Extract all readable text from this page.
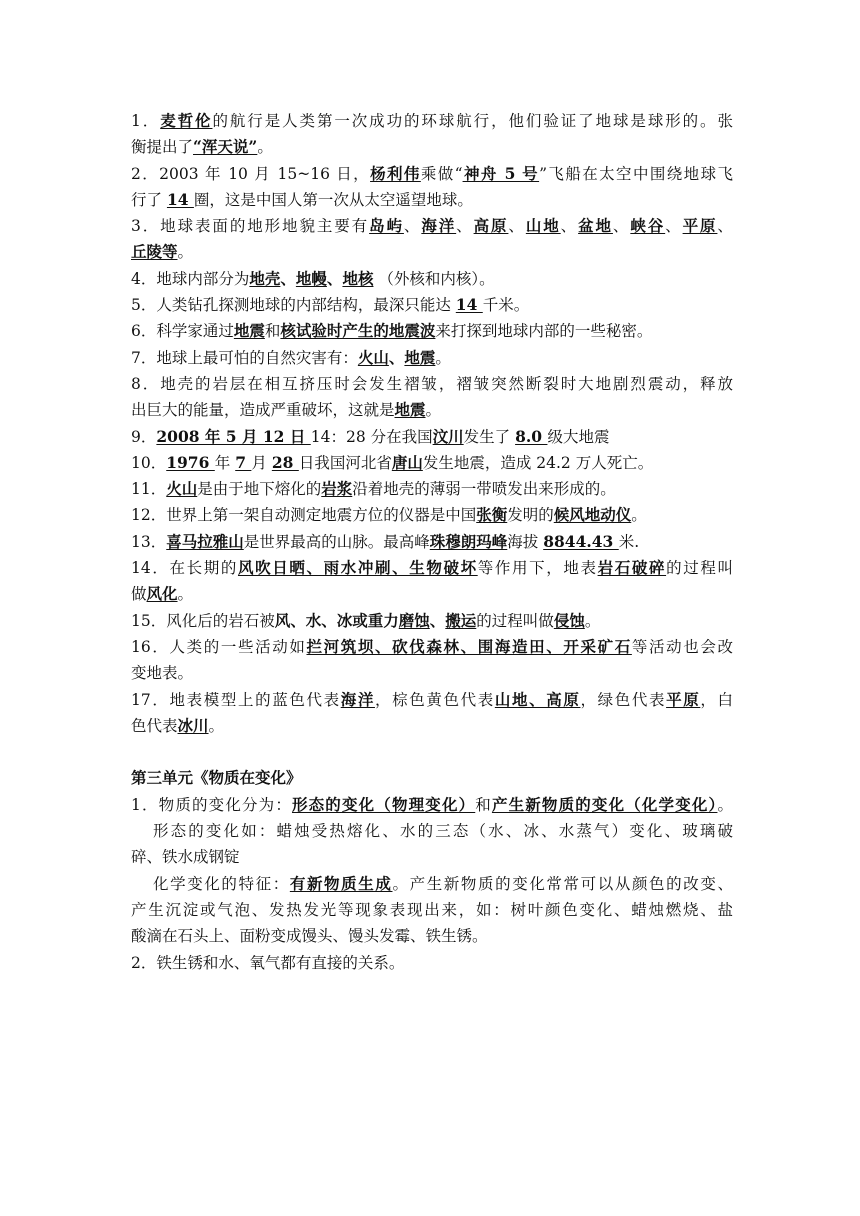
1．麦哲伦的航行是人类第一次成功的环球航行，他们验证了地球是球形的。张
衡提出了“浑天说”。
2．2003 年 10 月 15~16 日，杨利伟乘做“神舟 5 号”飞船在太空中围绕地球飞
行了 14 圈，这是中国人第一次从太空遥望地球。
3．地球表面的地形地貌主要有岛屿、海洋、高原、山地、盆地、峡谷、平原、
丘陵等。
4．地球内部分为地壳、地幔、地核 （外核和内核）。
5．人类钻孔探测地球的内部结构，最深只能达 14 千米。
6．科学家通过地震和核试验时产生的地震波来打探到地球内部的一些秘密。
7．地球上最可怕的自然灾害有：火山、地震。
8．地壳的岩层在相互挤压时会发生褶皱，褶皱突然断裂时大地剧烈震动，释放
出巨大的能量，造成严重破坏，这就是地震。
9．2008 年 5 月 12 日 14：28 分在我国汶川发生了 8.0 级大地震
10．1976 年 7 月 28 日我国河北省唐山发生地震，造成 24.2 万人死亡。
11．火山是由于地下熔化的岩浆沿着地壳的薄弱一带喷发出来形成的。
12．世界上第一架自动测定地震方位的仪器是中国张衡发明的候风地动仪。
13．喜马拉雅山是世界最高的山脉。最高峰珠穆朗玛峰海拔 8844.43 米.
14．在长期的风吹日晒、雨水冲刷、生物破坏等作用下，地表岩石破碎的过程叫
做风化。
15．风化后的岩石被风、水、冰或重力磨蚀、搬运的过程叫做侵蚀。
16．人类的一些活动如拦河筑坝、砍伐森林、围海造田、开采矿石等活动也会改
变地表。
17．地表模型上的蓝色代表海洋，棕色黄色代表山地、高原，绿色代表平原，白
色代表冰川。
第三单元《物质在变化》
1．物质的变化分为：形态的变化（物理变化）和产生新物质的变化（化学变化）。
形态的变化如：蜡烛受热熔化、水的三态（水、冰、水蒸气）变化、玻璃破
碎、铁水成钢锭
化学变化的特征：有新物质生成。产生新物质的变化常常可以从颜色的改变、
产生沉淀或气泡、发热发光等现象表现出来，如：树叶颜色变化、蜡烛燃烧、盐
酸滴在石头上、面粉变成馒头、馒头发霉、铁生锈。
2．铁生锈和水、氧气都有直接的关系。
